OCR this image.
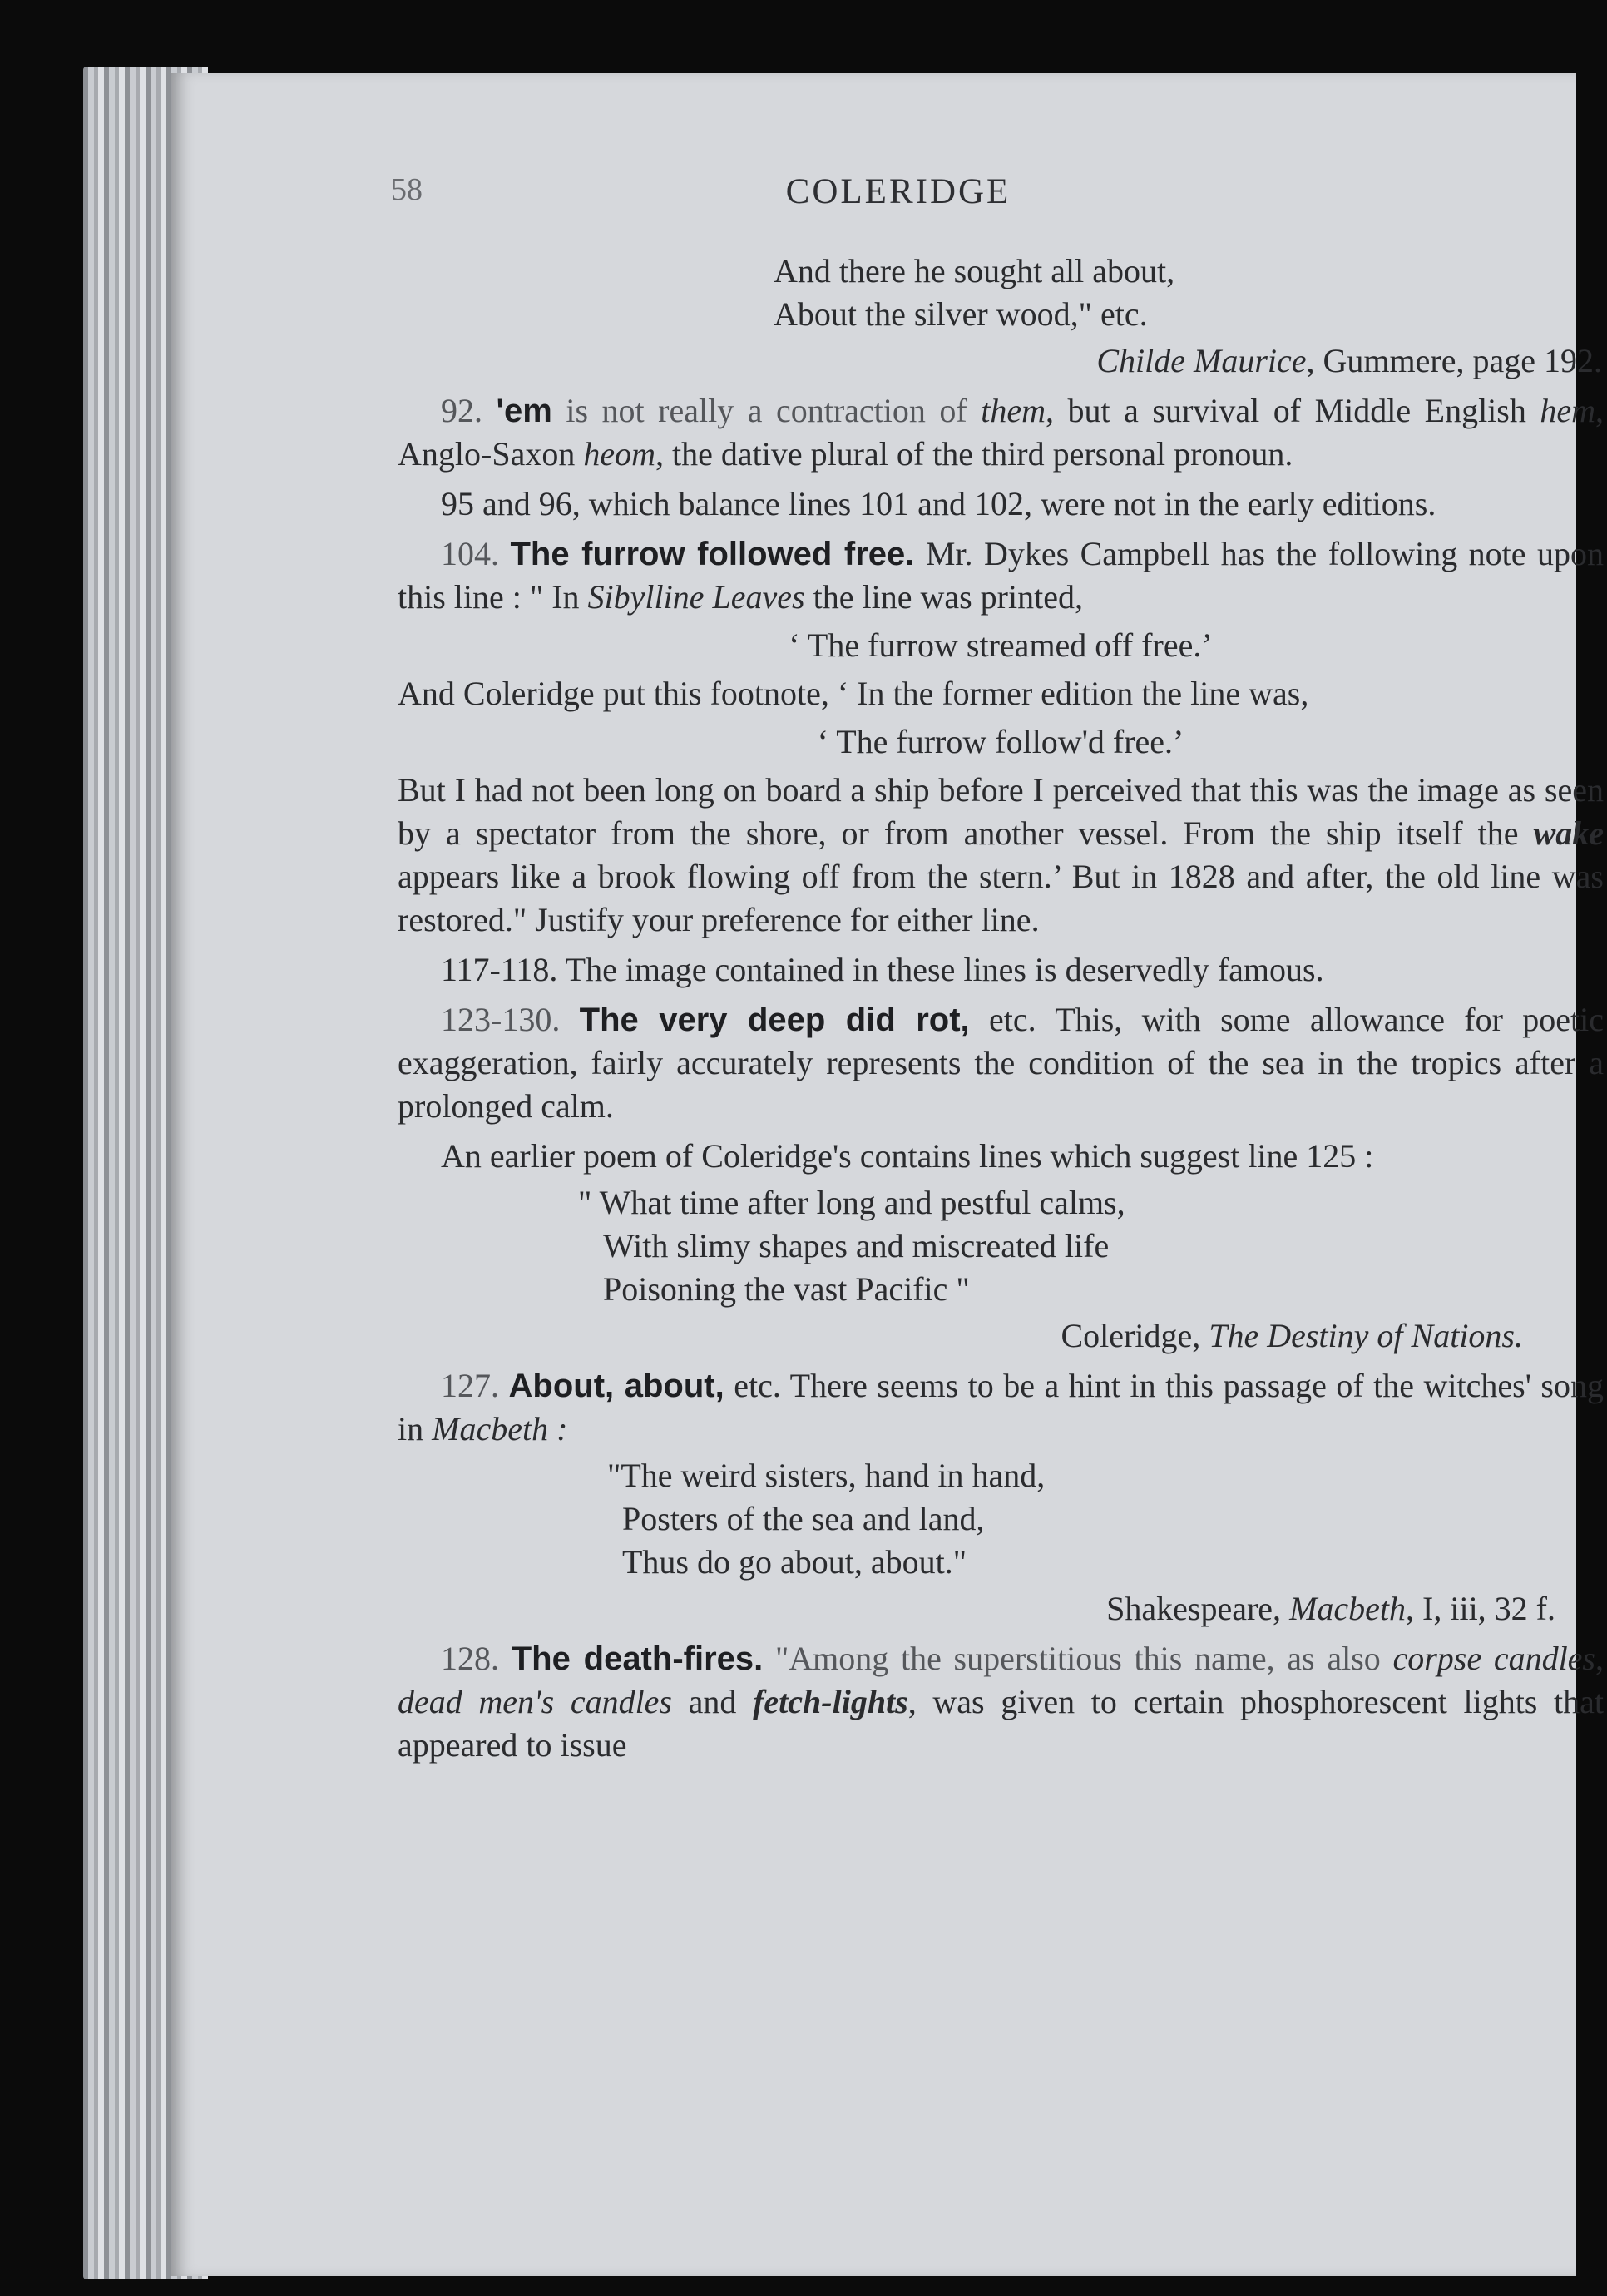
58	COLERIDGE
And there he sought all about,
About the silver wood," etc.
Childe Maurice, Gummere, page 192.

92. 'em is not really a contraction of them, but a survival of Middle English hem, Anglo-Saxon heom, the dative plural of the third personal pronoun.

95 and 96, which balance lines 101 and 102, were not in the early editions.

104. The furrow followed free. Mr. Dykes Campbell has the following note upon this line : " In Sibylline Leaves the line was printed,

‘ The furrow streamed off free.’

And Coleridge put this footnote, ‘ In the former edition the line was,

‘ The furrow follow'd free.’

But I had not been long on board a ship before I perceived that this was the image as seen by a spectator from the shore, or from another vessel. From the ship itself the wake appears like a brook flowing off from the stern.’ But in 1828 and after, the old line was restored." Justify your preference for either line.

117-118. The image contained in these lines is deservedly famous.

123-130. The very deep did rot, etc. This, with some allowance for poetic exaggeration, fairly accurately represents the condition of the sea in the tropics after a prolonged calm.

An earlier poem of Coleridge's contains lines which suggest line 125 :

" What time after long and pestful calms,
With slimy shapes and miscreated life
Poisoning the vast Pacific "
Coleridge, The Destiny of Nations.

127. About, about, etc. There seems to be a hint in this passage of the witches' song in Macbeth :

"The weird sisters, hand in hand,
Posters of the sea and land,
Thus do go about, about."
Shakespeare, Macbeth, I, iii, 32 f.

128. The death-fires. "Among the superstitious this name, as also corpse candles, dead men's candles and fetch-lights, was given to certain phosphorescent lights that appeared to issue
